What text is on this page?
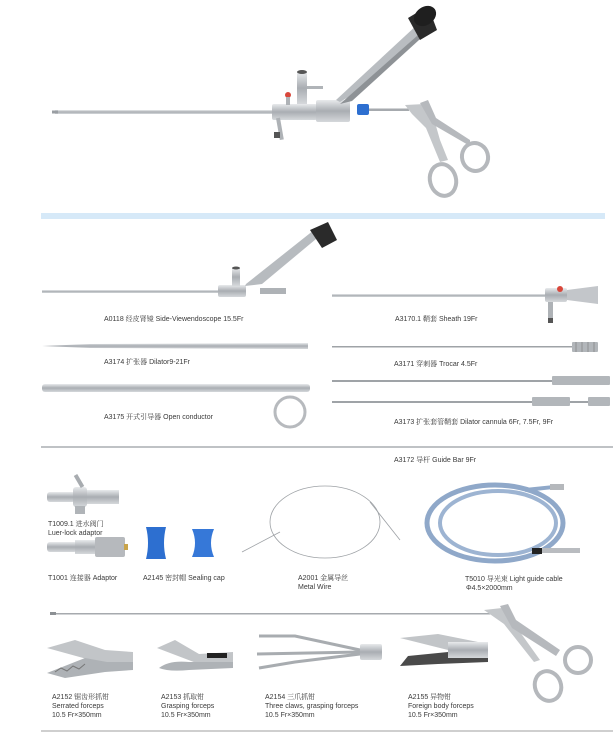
A0118 经皮肾镜 Side-Viewendoscope 15.5Fr	A3170.1 鞘套 Sheath 19Fr
A3174 扩张器 Dilator9-21Fr	A3171 穿刺器 Trocar 4.5Fr
A3175 开式引导器 Open conductor
A3173 扩张套管鞘套 Dilator cannula 6Fr, 7.5Fr, 9Fr
A3172 导杆 Guide Bar 9Fr
T1009.1 进水阀门
Luer-lock adaptor
T1001 连接器 Adaptor	A2145 密封帽 Sealing cap	A2001 金属导丝
Metal Wire
T5010 导光束 Light guide cable
Φ4.5×2000mm
A2152 锯齿形抓钳
Serrated forceps
10.5 Fr×350mm
A2153 抓取钳
Grasping forceps
10.5 Fr×350mm
A2154 三爪抓钳
Three claws, grasping forceps
10.5 Fr×350mm
A2155 异物钳
Foreign body forceps
10.5 Fr×350mm
